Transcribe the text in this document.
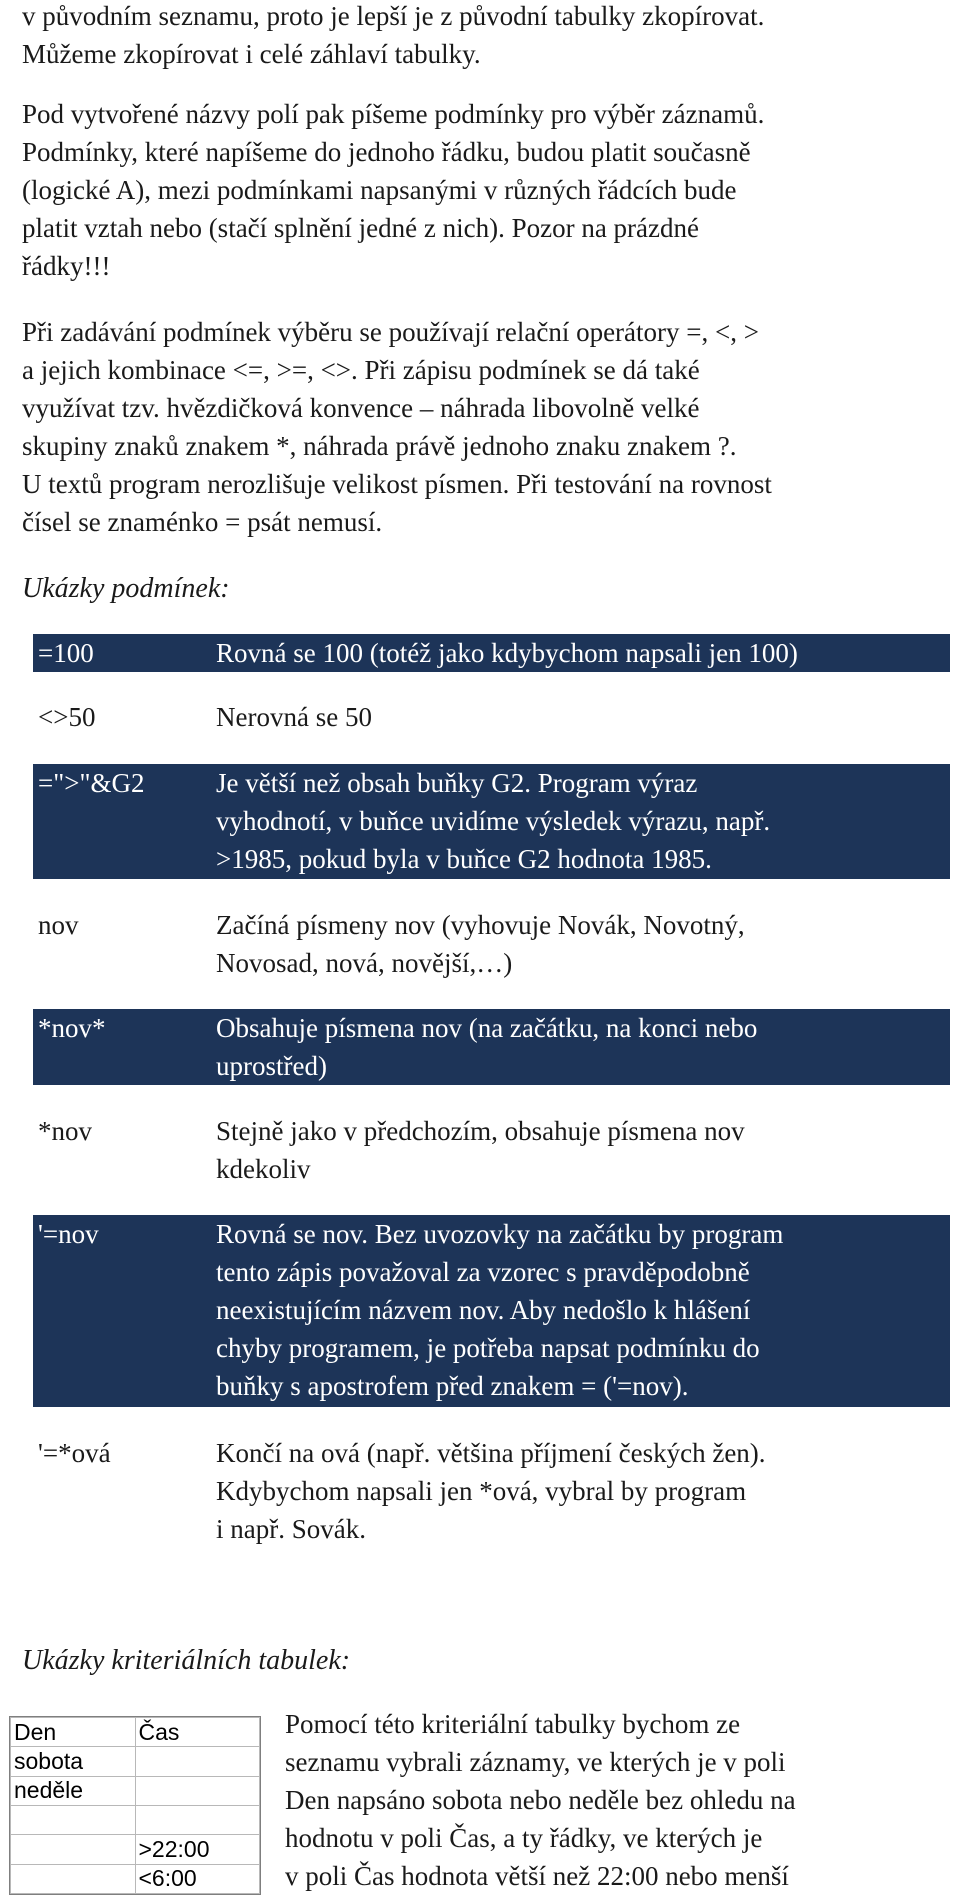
v původním seznamu, proto je lepší je z původní tabulky zkopírovat.
Můžeme zkopírovat i celé záhlaví tabulky.
Pod vytvořené názvy polí pak píšeme podmínky pro výběr záznamů.
Podmínky, které napíšeme do jednoho řádku, budou platit současně
(logické A), mezi podmínkami napsanými v různých řádcích bude
platit vztah nebo (stačí splnění jedné z nich). Pozor na prázdné
řádky!!!
Při zadávání podmínek výběru se používají relační operátory =, <, >
a jejich kombinace <=, >=, <>. Při zápisu podmínek se dá také
využívat tzv. hvězdičková konvence – náhrada libovolně velké
skupiny znaků znakem *, náhrada právě jednoho znaku znakem ?.
U textů program nerozlišuje velikost písmen. Při testování na rovnost
čísel se znaménko = psát nemusí.
Ukázky podmínek:
=100	Rovná se 100 (totéž jako kdybychom napsali jen 100)
<>50	Nerovná se 50
=">"&G2	Je větší než obsah buňky G2. Program výraz
vyhodnotí, v buňce uvidíme výsledek výrazu, např.
>1985, pokud byla v buňce G2 hodnota 1985.
nov	Začíná písmeny nov (vyhovuje Novák, Novotný,
Novosad, nová, novější,…)
*nov*	Obsahuje písmena nov (na začátku, na konci nebo
uprostřed)
*nov	Stejně jako v předchozím, obsahuje písmena nov
kdekoliv
'=nov	Rovná se nov. Bez uvozovky na začátku by program
tento zápis považoval za vzorec s pravděpodobně
neexistujícím názvem nov. Aby nedošlo k hlášení
chyby programem, je potřeba napsat podmínku do
buňky s apostrofem před znakem = ('=nov).
'=*ová	Končí na ová (např. většina příjmení českých žen).
Kdybychom napsali jen *ová, vybral by program
i např. Sovák.
Ukázky kriteriálních tabulek:
Den	Čas
sobota	
neděle	

	>22:00
	<6:00
Pomocí této kriteriální tabulky bychom ze
seznamu vybrali záznamy, ve kterých je v poli
Den napsáno sobota nebo neděle bez ohledu na
hodnotu v poli Čas, a ty řádky, ve kterých je
v poli Čas hodnota větší než 22:00 nebo menší
